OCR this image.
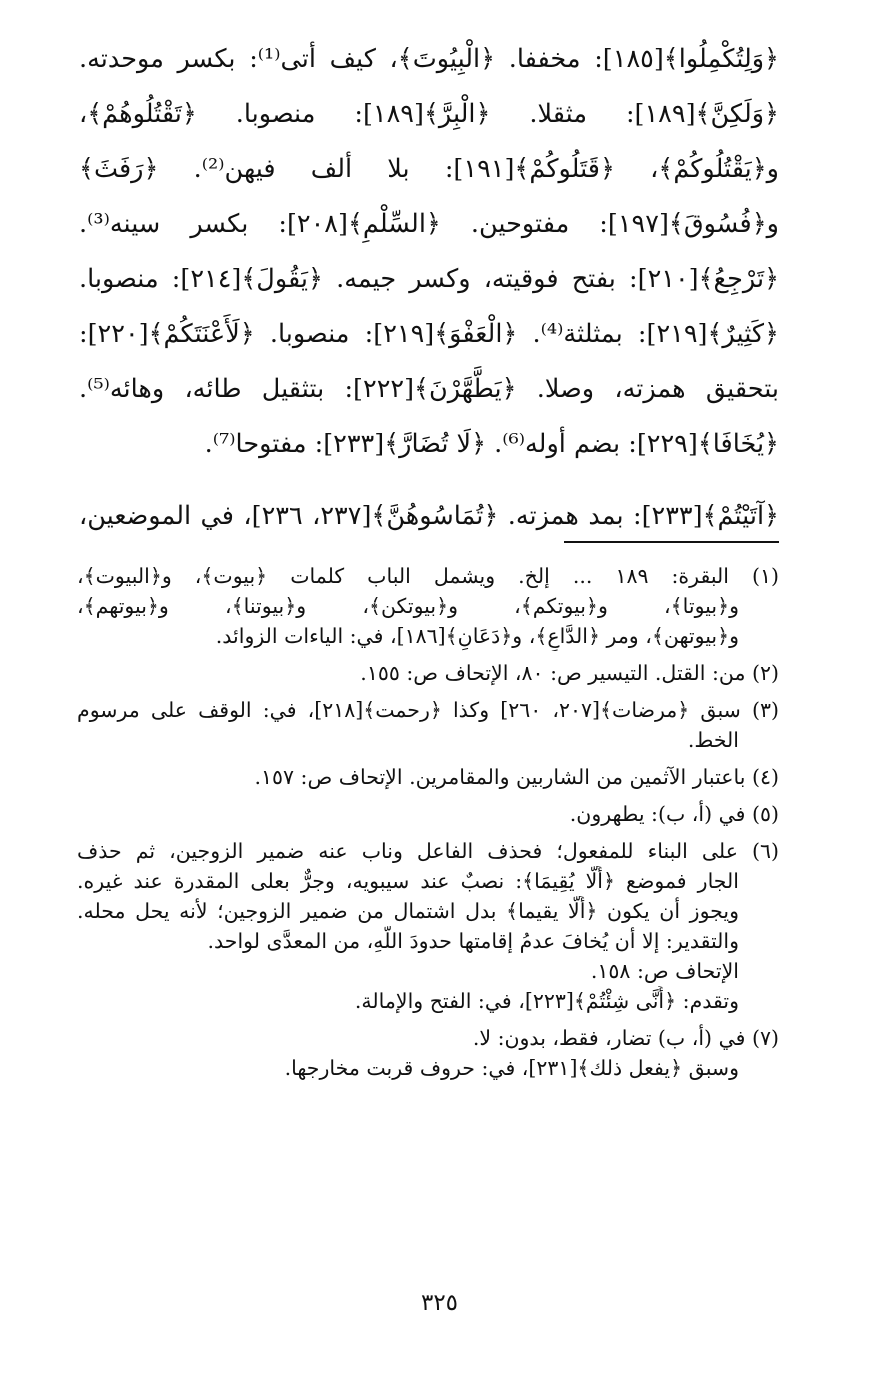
﴿وَلِتُكْمِلُوا﴾[١٨٥]: مخففا. ﴿الْبِيُوتَ﴾، كيف أتى⁽¹⁾: بكسر موحدته.
﴿وَلَكِنَّ﴾[١٨٩]: مثقلا. ﴿الْبِرَّ﴾[١٨٩]: منصوبا. ﴿تَقْتُلُوهُمْ﴾،
و﴿يَقْتُلُوكُمْ﴾، ﴿قَتَلُوكُمْ﴾[١٩١]: بلا ألف فيهن⁽²⁾. ﴿رَفَثَ﴾
و﴿فُسُوقَ﴾[١٩٧]: مفتوحين. ﴿السِّلْمِ﴾[٢٠٨]: بكسر سينه⁽³⁾.
﴿تَرْجِعُ﴾[٢١٠]: بفتح فوقيته، وكسر جيمه. ﴿يَقُولَ﴾[٢١٤]: منصوبا.
﴿كَثِيرٌ﴾[٢١٩]: بمثلثة⁽⁴⁾. ﴿الْعَفْوَ﴾[٢١٩]: منصوبا. ﴿لَأَعْنَتَكُمْ﴾[٢٢٠]:
بتحقيق همزته، وصلا. ﴿يَطَّهَّرْنَ﴾[٢٢٢]: بتثقيل طائه، وهائه⁽⁵⁾.
﴿يُخَافَا﴾[٢٢٩]: بضم أوله⁽⁶⁾. ﴿لَا تُضَارَّ﴾[٢٣٣]: مفتوحا⁽⁷⁾.
﴿آتَيْتُمْ﴾[٢٣٣]: بمد همزته. ﴿تُمَاسُوهُنَّ﴾[٢٣٧، ٢٣٦]، في الموضعين،
(١) البقرة: ١٨٩ ... إلخ. ويشمل الباب كلمات ﴿بيوت﴾، و﴿البيوت﴾،
و﴿بيوتا﴾، و﴿بيوتكم﴾، و﴿بيوتكن﴾، و﴿بيوتنا﴾، و﴿بيوتهم﴾،
و﴿بيوتهن﴾، ومر ﴿الدَّاعِ﴾، و﴿دَعَانِ﴾[١٨٦]، في: الياءات الزوائد.
(٢) من: القتل. التيسير ص: ٨٠، الإتحاف ص: ١٥٥.
(٣) سبق ﴿مرضات﴾[٢٠٧، ٢٦٠] وكذا ﴿رحمت﴾[٢١٨]، في: الوقف على مرسوم
الخط.
(٤) باعتبار الآثمين من الشاربين والمقامرين. الإتحاف ص: ١٥٧.
(٥) في (أ، ب): يطهرون.
(٦) على البناء للمفعول؛ فحذف الفاعل وناب عنه ضمير الزوجين، ثم حذف
الجار فموضع ﴿أَلَّا يُقِيمَا﴾: نصبٌ عند سيبويه، وجرٌّ بعلى المقدرة عند غيره.
ويجوز أن يكون ﴿أَلَّا يقيما﴾ بدل اشتمال من ضمير الزوجين؛ لأنه يحل محله.
والتقدير: إلا أن يُخافَ عدمُ إقامتها حدودَ اللَّهِ، من المعدَّى لواحد.
الإتحاف ص: ١٥٨.
وتقدم: ﴿أَنَّى شِئْتُمْ﴾[٢٢٣]، في: الفتح والإمالة.
(٧) في (أ، ب) تضار، فقط، بدون: لا.
وسبق ﴿يفعل ذلك﴾[٢٣١]، في: حروف قربت مخارجها.
٣٢٥
